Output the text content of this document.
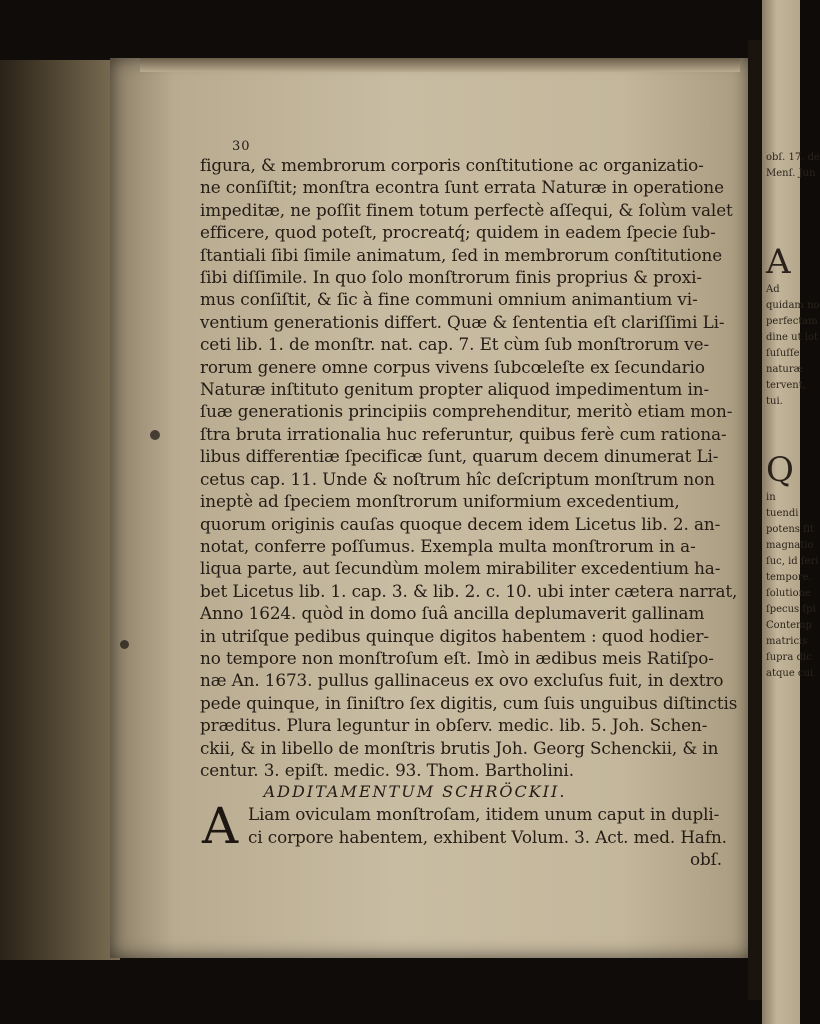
30
figura, & membrorum corporis conſtitutione ac organizatio-
ne conſiſtit; monſtra econtra ſunt errata Naturæ in operatione
impeditæ, ne poſſit finem totum perfectè aſſequi, & ſolùm valet
efficere, quod poteſt, procreatq́; quidem in eadem ſpecie ſub-
ſtantiali ſibi ſimile animatum, ſed in membrorum conſtitutione
ſibi diſſimile. In quo ſolo monſtrorum finis proprius & proxi-
mus conſiſtit, & ſic à fine communi omnium animantium vi-
ventium generationis differt. Quæ & ſententia eſt clariſſimi Li-
ceti lib. 1. de monſtr. nat. cap. 7. Et cùm ſub monſtrorum ve-
rorum genere omne corpus vivens ſubcœleſte ex ſecundario
Naturæ inſtituto genitum propter aliquod impedimentum in-
ſuæ generationis principiis comprehenditur, meritò etiam mon-
ſtra bruta irrationalia huc referuntur, quibus ferè cum rationa-
libus differentiæ ſpecificæ ſunt, quarum decem dinumerat Li-
cetus cap. 11. Unde & noſtrum hîc deſcriptum monſtrum non
ineptè ad ſpeciem monſtrorum uniformium excedentium,
quorum originis cauſas quoque decem idem Licetus lib. 2. an-
notat, conferre poſſumus. Exempla multa monſtrorum in a-
liqua parte, aut ſecundùm molem mirabiliter excedentium ha-
bet Licetus lib. 1. cap. 3. & lib. 2. c. 10. ubi inter cætera narrat,
Anno 1624. quòd in domo ſuâ ancilla deplumaverit gallinam
in utriſque pedibus quinque digitos habentem : quod hodier-
no tempore non monſtroſum eſt. Imò in ædibus meis Ratiſpo-
næ An. 1673. pullus gallinaceus ex ovo excluſus fuit, in dextro
pede quinque, in ſiniſtro ſex digitis, cum ſuis unguibus diſtinctis
præditus. Plura leguntur in obſerv. medic. lib. 5. Joh. Schen-
ckii, & in libello de monſtris brutis Joh. Georg Schenckii, & in
centur. 3. epiſt. medic. 93. Thom. Bartholini.
ADDITAMENTUM SCHRÖCKII.
A Liam oviculam monſtroſam, itidem unum caput in dupli-
ci corpore habentem, exhibent Volum. 3. Act. med. Hafn.
obſ.
obſ. 17. de
Menſ. Jun
A
Ad
quidam no
perfectam
dine ut lot
ſuſuſſe
naturæ
tervent,
tui.
Q
in
tuendi
potens ſit
magnatio
ſuc, id ſeri
tempore.
ſolutione
ſpecus ſpi
Contemp
matricis
ſupra dic
atque cui
